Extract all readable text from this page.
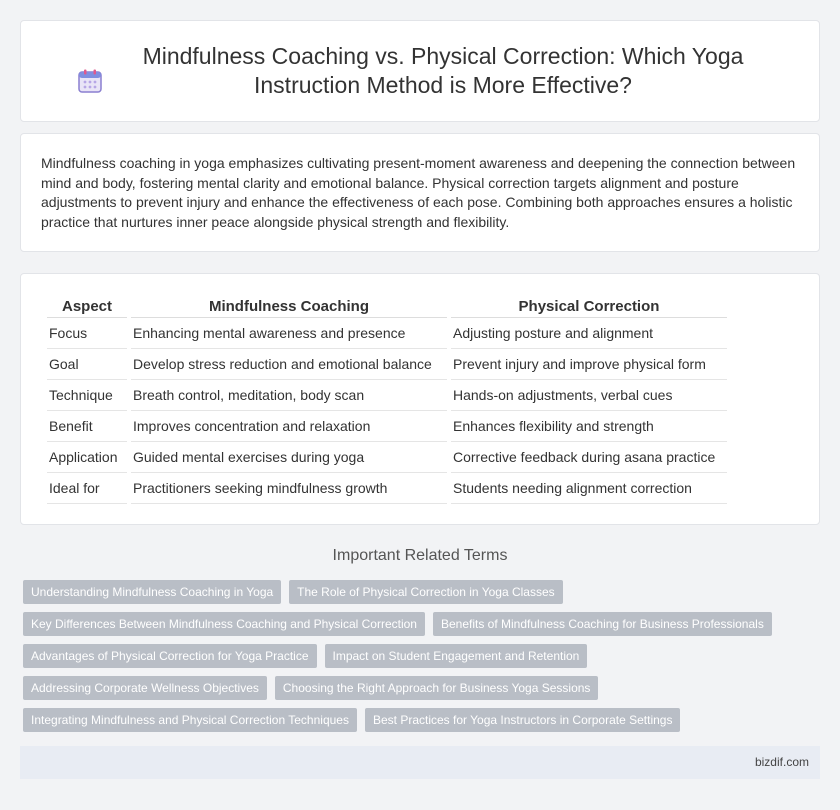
Mindfulness Coaching vs. Physical Correction: Which Yoga Instruction Method is More Effective?

Mindfulness coaching in yoga emphasizes cultivating present-moment awareness and deepening the connection between mind and body, fostering mental clarity and emotional balance. Physical correction targets alignment and posture adjustments to prevent injury and enhance the effectiveness of each pose. Combining both approaches ensures a holistic practice that nurtures inner peace alongside physical strength and flexibility.

Aspect	Mindfulness Coaching	Physical Correction
Focus	Enhancing mental awareness and presence	Adjusting posture and alignment
Goal	Develop stress reduction and emotional balance	Prevent injury and improve physical form
Technique	Breath control, meditation, body scan	Hands-on adjustments, verbal cues
Benefit	Improves concentration and relaxation	Enhances flexibility and strength
Application	Guided mental exercises during yoga	Corrective feedback during asana practice
Ideal for	Practitioners seeking mindfulness growth	Students needing alignment correction
Important Related Terms
Understanding Mindfulness Coaching in Yoga	The Role of Physical Correction in Yoga Classes
Key Differences Between Mindfulness Coaching and Physical Correction	Benefits of Mindfulness Coaching for Business Professionals
Advantages of Physical Correction for Yoga Practice	Impact on Student Engagement and Retention
Addressing Corporate Wellness Objectives	Choosing the Right Approach for Business Yoga Sessions
Integrating Mindfulness and Physical Correction Techniques	Best Practices for Yoga Instructors in Corporate Settings
bizdif.com
